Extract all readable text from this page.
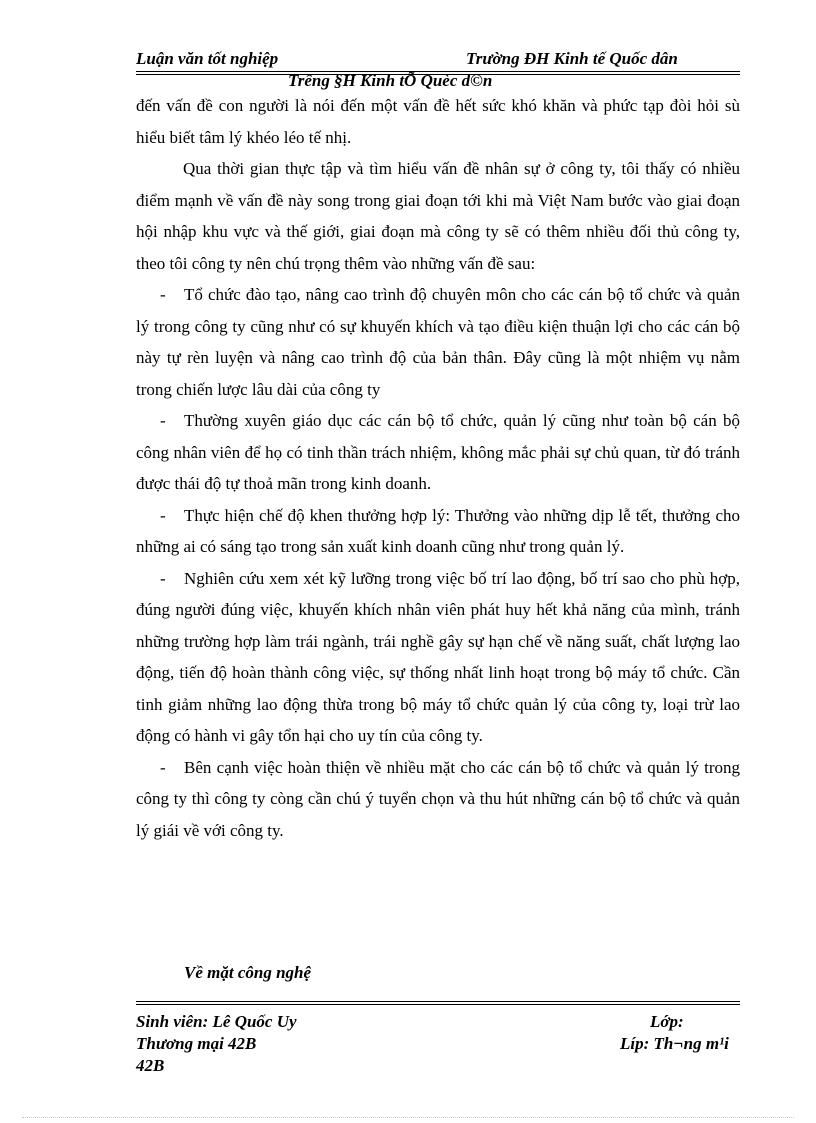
Luận văn tốt nghiệp	Trường ĐH Kinh tế Quốc dân
Trêng §H Kinh tÕ Quèc d©n

đến vấn đề con người là nói đến một vấn đề hết sức khó khăn và phức tạp đòi hỏi sù hiểu biết tâm lý khéo léo tế nhị.

Qua thời gian thực tập và tìm hiểu vấn đề nhân sự ở công ty, tôi thấy có nhiều điểm mạnh về vấn đề này song trong giai đoạn tới khi mà Việt Nam bước vào giai đoạn hội nhập khu vực và thế giới, giai đoạn mà công ty sẽ có thêm nhiều đối thủ công ty, theo tôi công ty nên chú trọng thêm vào những vấn đề sau:

-	Tổ chức đào tạo, nâng cao trình độ chuyên môn cho các cán bộ tổ chức và quản lý trong công ty cũng như có sự khuyến khích và tạo điều kiện thuận lợi cho các cán bộ này tự rèn luyện và nâng cao trình độ của bản thân. Đây cũng là một nhiệm vụ nằm trong chiến lược lâu dài của công ty

-	Thường xuyên giáo dục các cán bộ tổ chức, quản lý cũng như toàn bộ cán bộ công nhân viên để họ có tinh thần trách nhiệm, không mắc phải sự chủ quan, từ đó tránh được thái độ tự thoả mãn trong kinh doanh.

-	Thực hiện chế độ khen thưởng hợp lý: Thưởng vào những dịp lễ tết, thưởng cho những ai có sáng tạo trong sản xuất kinh doanh cũng như trong quản lý.

-	Nghiên cứu xem xét kỹ lưỡng trong việc bố trí lao động, bố trí sao cho phù hợp, đúng người đúng việc, khuyến khích nhân viên phát huy hết khả năng của mình, tránh những trường hợp làm trái ngành, trái nghề gây sự hạn chế về năng suất, chất lượng lao động, tiến độ hoàn thành công việc, sự thống nhất linh hoạt trong bộ máy tổ chức. Cần tinh giảm những lao động thừa trong bộ máy tổ chức quản lý của công ty, loại trừ lao động có hành vi gây tổn hại cho uy tín của công ty.

-	Bên cạnh việc hoàn thiện về nhiều mặt cho các cán bộ tổ chức và quản lý trong công ty thì công ty còng cần chú ý tuyển chọn và thu hút những cán bộ tổ chức và quản lý giái về với công ty.

Về mặt công nghệ
Sinh viên: Lê Quốc Uy	Lớp:
Thương mại 42B	Líp: Th¬ng m¹i
42B
